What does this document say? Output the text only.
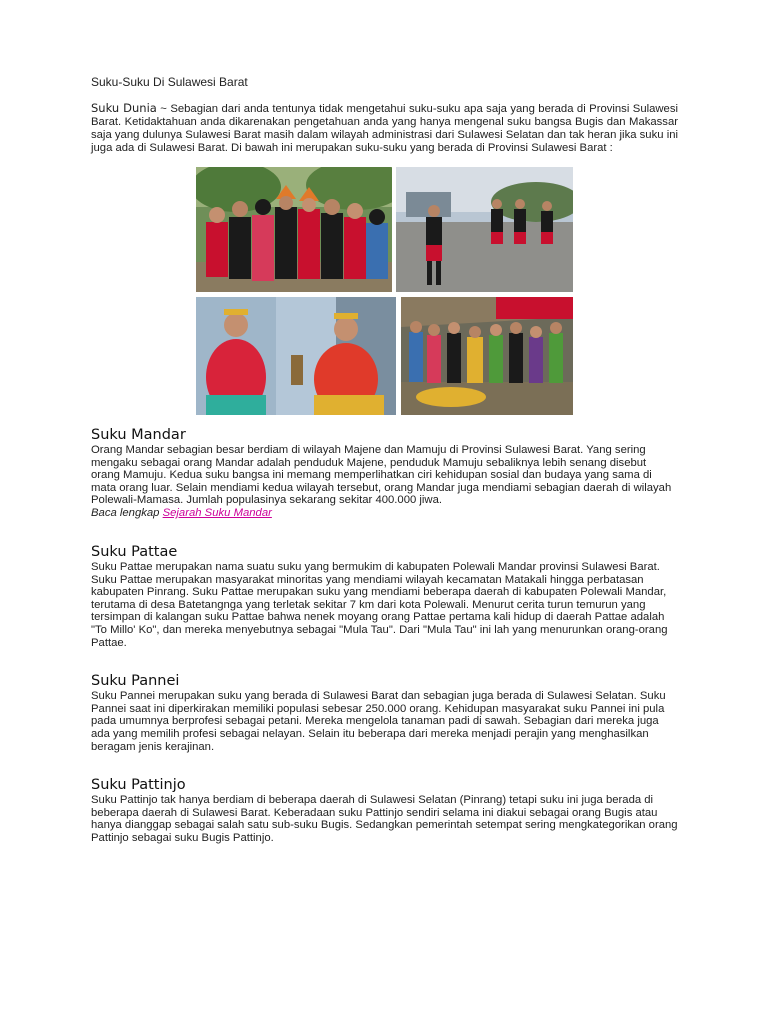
Suku-Suku Di Sulawesi Barat

Suku Dunia ~ Sebagian dari anda tentunya tidak mengetahui suku-suku apa saja yang berada di Provinsi Sulawesi Barat. Ketidaktahuan anda dikarenakan pengetahuan anda yang hanya mengenal suku bangsa Bugis dan Makassar saja yang dulunya Sulawesi Barat masih dalam wilayah administrasi dari Sulawesi Selatan dan tak heran jika suku ini juga ada di Sulawesi Barat. Di bawah ini merupakan suku-suku yang berada di Provinsi Sulawesi Barat :

Suku Mandar

Orang Mandar sebagian besar berdiam di wilayah Majene dan Mamuju di Provinsi Sulawesi Barat. Yang sering mengaku sebagai orang Mandar adalah penduduk Majene, penduduk Mamuju sebaliknya lebih senang disebut orang Mamuju. Kedua suku bangsa ini memang memperlihatkan ciri kehidupan sosial dan budaya yang sama di mata orang luar. Selain mendiami kedua wilayah tersebut, orang Mandar juga mendiami sebagian daerah di wilayah Polewali-Mamasa. Jumlah populasinya sekarang sekitar 400.000 jiwa.

Baca lengkap Sejarah Suku Mandar
Suku Pattae

Suku Pattae merupakan nama suatu suku yang bermukim di kabupaten Polewali Mandar provinsi Sulawesi Barat. Suku Pattae merupakan masyarakat minoritas yang mendiami wilayah kecamatan Matakali hingga perbatasan kabupaten Pinrang. Suku Pattae merupakan suku yang mendiami beberapa daerah di kabupaten Polewali Mandar, terutama di desa Batetangnga yang terletak sekitar 7 km dari kota Polewali. Menurut cerita turun temurun yang tersimpan di kalangan suku Pattae bahwa nenek moyang orang Pattae pertama kali hidup di daerah Pattae adalah "To Millo' Ko", dan mereka menyebutnya sebagai "Mula Tau". Dari "Mula Tau" ini lah yang menurunkan orang-orang Pattae.

Suku Pannei

Suku Pannei merupakan suku yang berada di Sulawesi Barat dan sebagian juga berada di Sulawesi Selatan. Suku Pannei saat ini diperkirakan memiliki populasi sebesar 250.000 orang. Kehidupan masyarakat suku Pannei ini pula pada umumnya berprofesi sebagai petani. Mereka mengelola tanaman padi di sawah. Sebagian dari mereka juga ada yang memilih profesi sebagai nelayan. Selain itu beberapa dari mereka menjadi perajin yang menghasilkan beragam jenis kerajinan.

Suku Pattinjo

Suku Pattinjo tak hanya berdiam di beberapa daerah di Sulawesi Selatan (Pinrang) tetapi suku ini juga berada di beberapa daerah di Sulawesi Barat. Keberadaan suku Pattinjo sendiri selama ini diakui sebagai orang Bugis atau hanya dianggap sebagai salah satu sub-suku Bugis. Sedangkan pemerintah setempat sering mengkategorikan orang Pattinjo sebagai suku Bugis Pattinjo.
